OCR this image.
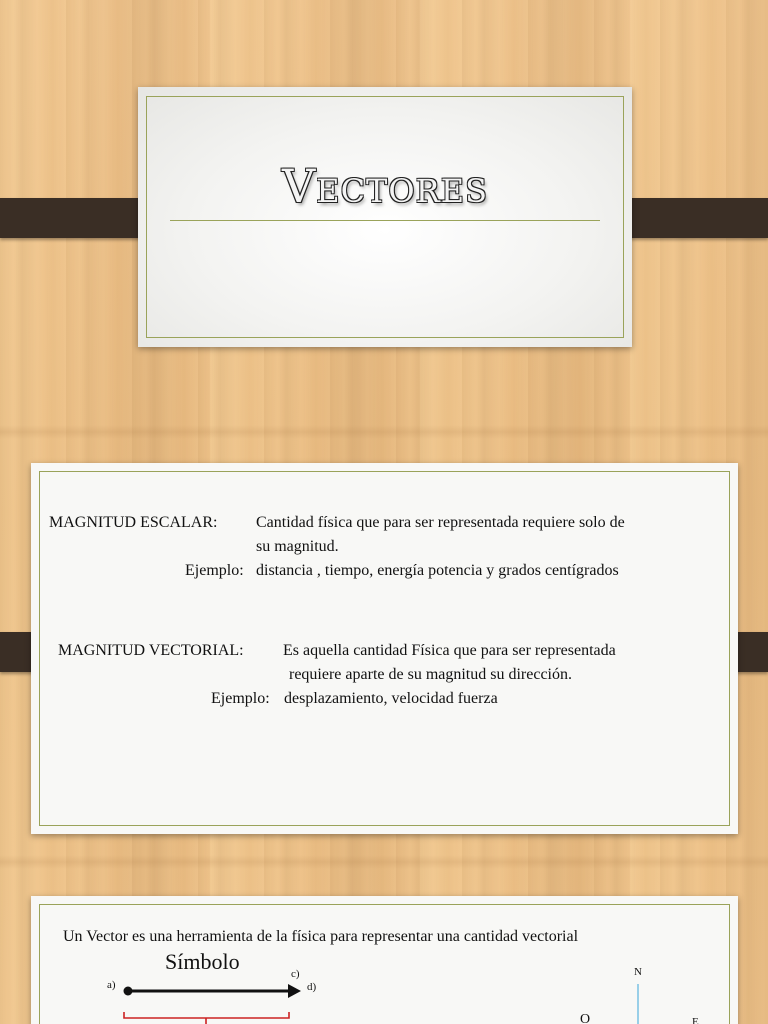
Vectores
MAGNITUD ESCALAR: Cantidad física que para ser representada requiere solo de
su magnitud.
Ejemplo: distancia , tiempo, energía potencia y grados centígrados
MAGNITUD VECTORIAL: Es aquella cantidad Física que para ser representada
requiere aparte de su magnitud su dirección.
Ejemplo: desplazamiento, velocidad fuerza
Un Vector es una herramienta de la física para representar una cantidad vectorial
Símbolo
a)
c)
d)
N
O	E
